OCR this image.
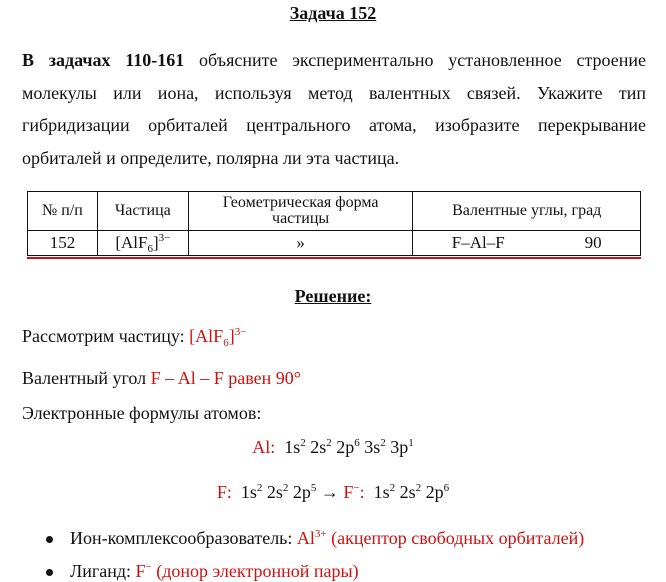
Задача 152
В задачах 110-161 объясните экспериментально установленное строение молекулы или иона, используя метод валентных связей. Укажите тип гибридизации орбиталей центрального атома, изобразите перекрывание орбиталей и определите, полярна ли эта частица.
№ п/п	Частица	Геометрическая форма частицы	Валентные углы, град
152	$[AlF_6]^{3-}$	»	F–Al–F 90
Решение:
Рассмотрим частицу: $[AlF_6]^{3-}$
Валентный угол F – Al – F равен 90°
Электронные формулы атомов:
Al: $1s^2$ $2s^2$ $2p^6$ $3s^2$ $3p^1$
F: $1s^2$ $2s^2$ $2p^5 \to F^-$: $1s^2$ $2s^2$ $2p^6$
Ион-комплексообразователь: $Al^{3+}$ (акцептор свободных орбиталей)
Лиганд: F− (донор электронной пары)
